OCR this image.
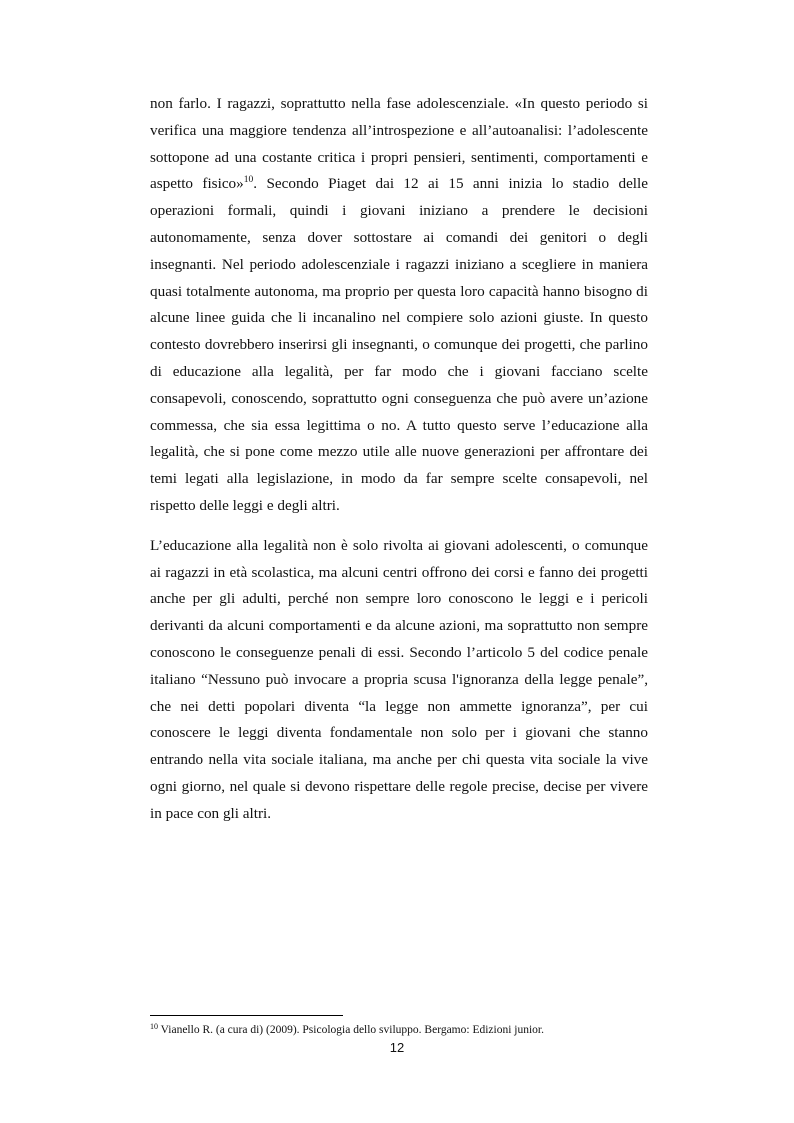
non farlo. I ragazzi, soprattutto nella fase adolescenziale. «In questo periodo si verifica una maggiore tendenza all’introspezione e all’autoanalisi: l’adolescente sottopone ad una costante critica i propri pensieri, sentimenti, comportamenti e aspetto fisico»$^{10}$. Secondo Piaget dai 12 ai 15 anni inizia lo stadio delle operazioni formali, quindi i giovani iniziano a prendere le decisioni autonomamente, senza dover sottostare ai comandi dei genitori o degli insegnanti. Nel periodo adolescenziale i ragazzi iniziano a scegliere in maniera quasi totalmente autonoma, ma proprio per questa loro capacità hanno bisogno di alcune linee guida che li incanalino nel compiere solo azioni giuste. In questo contesto dovrebbero inserirsi gli insegnanti, o comunque dei progetti, che parlino di educazione alla legalità, per far modo che i giovani facciano scelte consapevoli, conoscendo, soprattutto ogni conseguenza che può avere un’azione commessa, che sia essa legittima o no. A tutto questo serve l’educazione alla legalità, che si pone come mezzo utile alle nuove generazioni per affrontare dei temi legati alla legislazione, in modo da far sempre scelte consapevoli, nel rispetto delle leggi e degli altri.

L’educazione alla legalità non è solo rivolta ai giovani adolescenti, o comunque ai ragazzi in età scolastica, ma alcuni centri offrono dei corsi e fanno dei progetti anche per gli adulti, perché non sempre loro conoscono le leggi e i pericoli derivanti da alcuni comportamenti e da alcune azioni, ma soprattutto non sempre conoscono le conseguenze penali di essi. Secondo l’articolo 5 del codice penale italiano “Nessuno può invocare a propria scusa l'ignoranza della legge penale”, che nei detti popolari diventa “la legge non ammette ignoranza”, per cui conoscere le leggi diventa fondamentale non solo per i giovani che stanno entrando nella vita sociale italiana, ma anche per chi questa vita sociale la vive ogni giorno, nel quale si devono rispettare delle regole precise, decise per vivere in pace con gli altri.

$^{10}$ Vianello R. (a cura di) (2009). Psicologia dello sviluppo. Bergamo: Edizioni junior.
12
